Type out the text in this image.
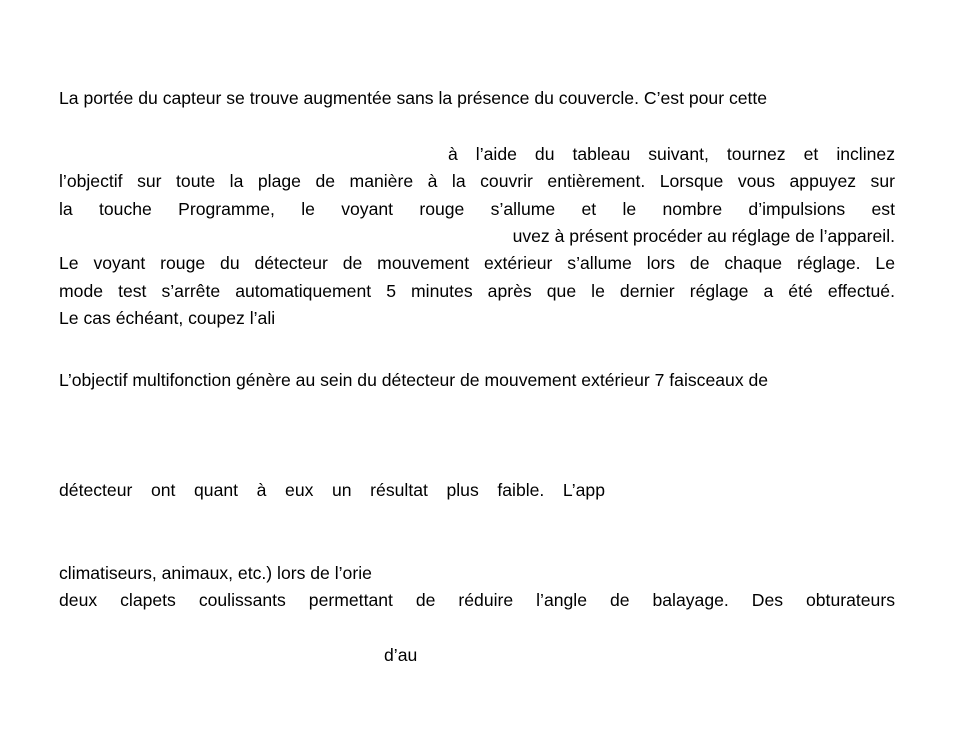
La portée du capteur se trouve augmentée sans la présence du couvercle. C’est pour cette
à l’aide du tableau suivant, tournez et inclinez
l’objectif sur toute la plage de manière à la couvrir entièrement. Lorsque vous appuyez sur
la touche Programme, le voyant rouge s’allume et le nombre d’impulsions est
uvez à présent procéder au réglage de l’appareil.
Le voyant rouge du détecteur de mouvement extérieur s’allume lors de chaque réglage. Le
mode test s’arrête automatiquement 5 minutes après que le dernier réglage a été effectué.
Le cas échéant, coupez l’ali
L’objectif multifonction génère au sein du détecteur de mouvement extérieur 7 faisceaux de
détecteur ont quant à eux un résultat plus faible. L’app
climatiseurs, animaux, etc.) lors de l’orie
deux clapets coulissants permettant de réduire l’angle de balayage. Des obturateurs
d’au
